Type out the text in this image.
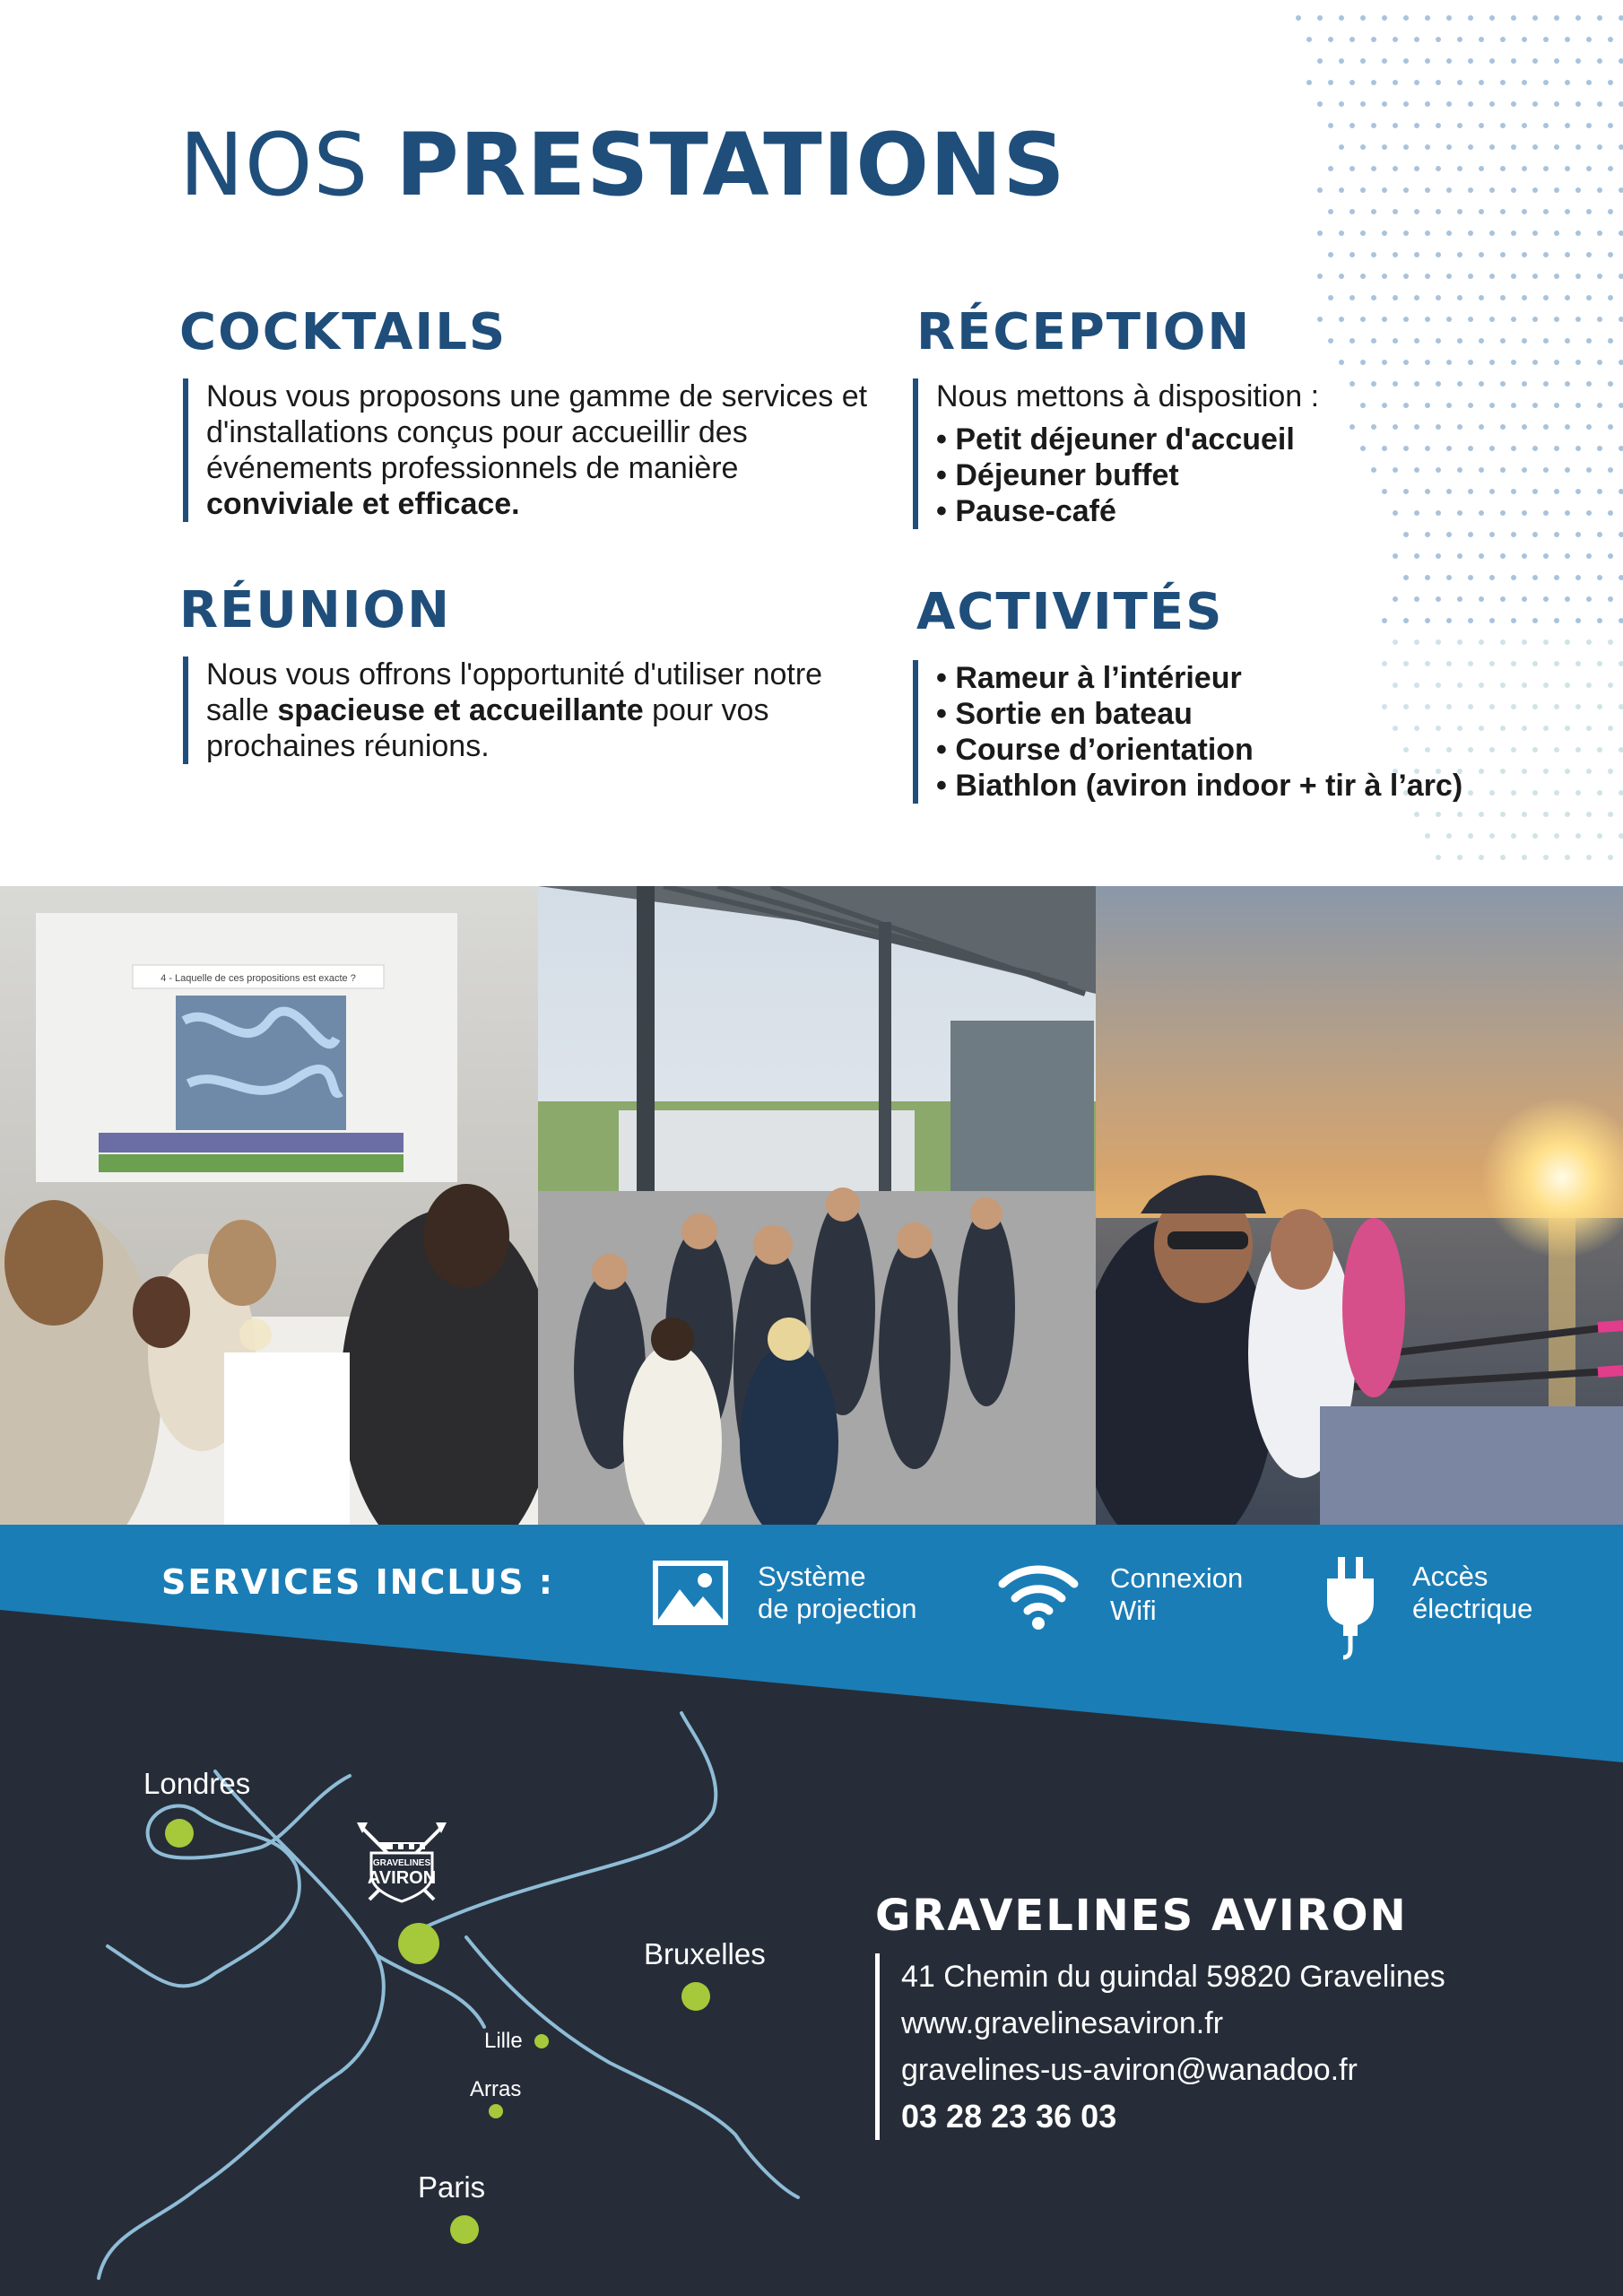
NOS PRESTATIONS
COCKTAILS

Nous vous proposons une gamme de services et d'installations conçus pour accueillir des événements professionnels de manière conviviale et efficace.

RÉCEPTION

Nous mettons à disposition :

• Petit déjeuner d'accueil
• Déjeuner buffet
• Pause-café
RÉUNION

Nous vous offrons l'opportunité d'utiliser notre salle spacieuse et accueillante pour vos prochaines réunions.

ACTIVITÉS
• Rameur à l’intérieur
• Sortie en bateau
• Course d’orientation
• Biathlon (aviron indoor + tir à l’arc)
4 - Laquelle de ces propositions est exacte ?
SERVICES INCLUS :	Système
de projection
Connexion
Wifi
Accès
électrique
GRAVELINES
AVIRON
Londres
Bruxelles
Lille
Arras
Paris
GRAVELINES AVIRON
41 Chemin du guindal 59820 Gravelines
www.gravelinesaviron.fr
gravelines-us-aviron@wanadoo.fr
03 28 23 36 03
